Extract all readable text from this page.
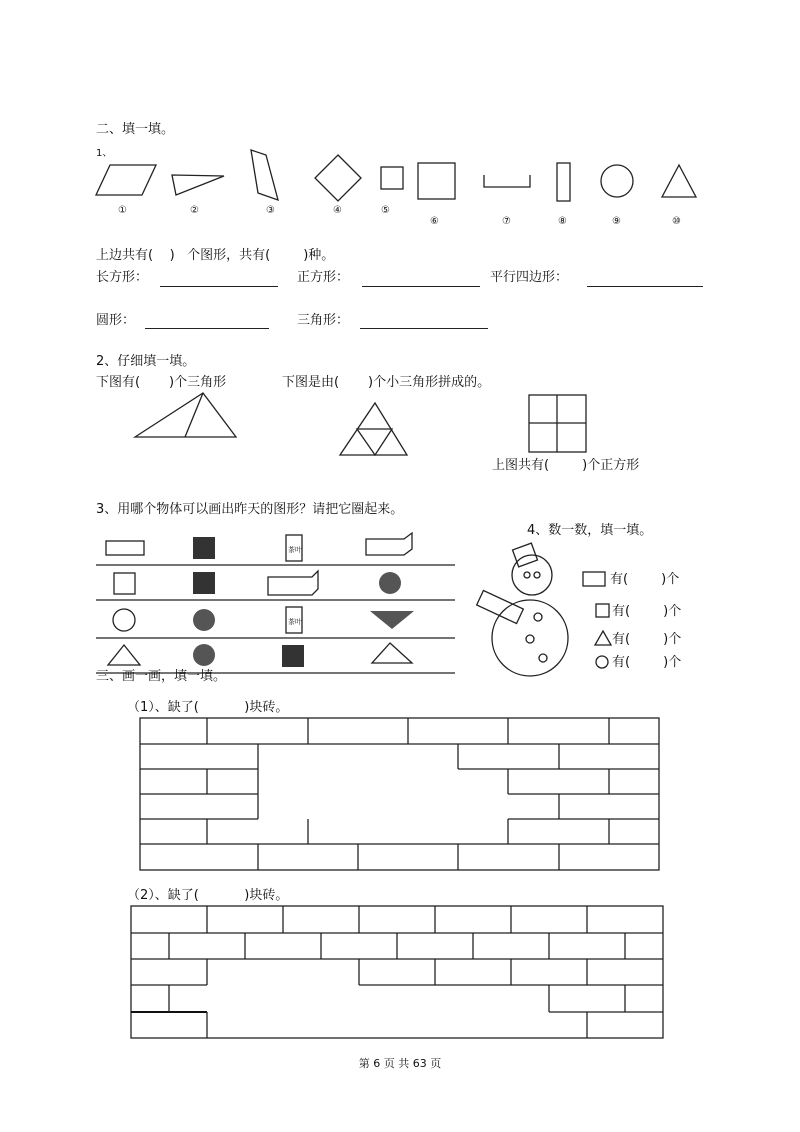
二、填一填。
1、
①	②	③	④	⑤
⑥	⑦	⑧	⑨	⑩
上边共有(    )   个图形，共有(        )种。
长方形：	正方形：	平行四边形：
圆形：	三角形：
2、仔细填一填。
下图有(       )个三角形	下图是由(       )个小三角形拼成的。
上图共有(        )个正方形
3、用哪个物体可以画出昨天的图形？请把它圈起来。
茶叶
茶叶
4、数一数，填一填。
有(        )个
有(        )个
有(        )个
有(        )个
三、画一画，填一填。
（1）、缺了(           )块砖。
（2）、缺了(           )块砖。
第 6 页 共 63 页
